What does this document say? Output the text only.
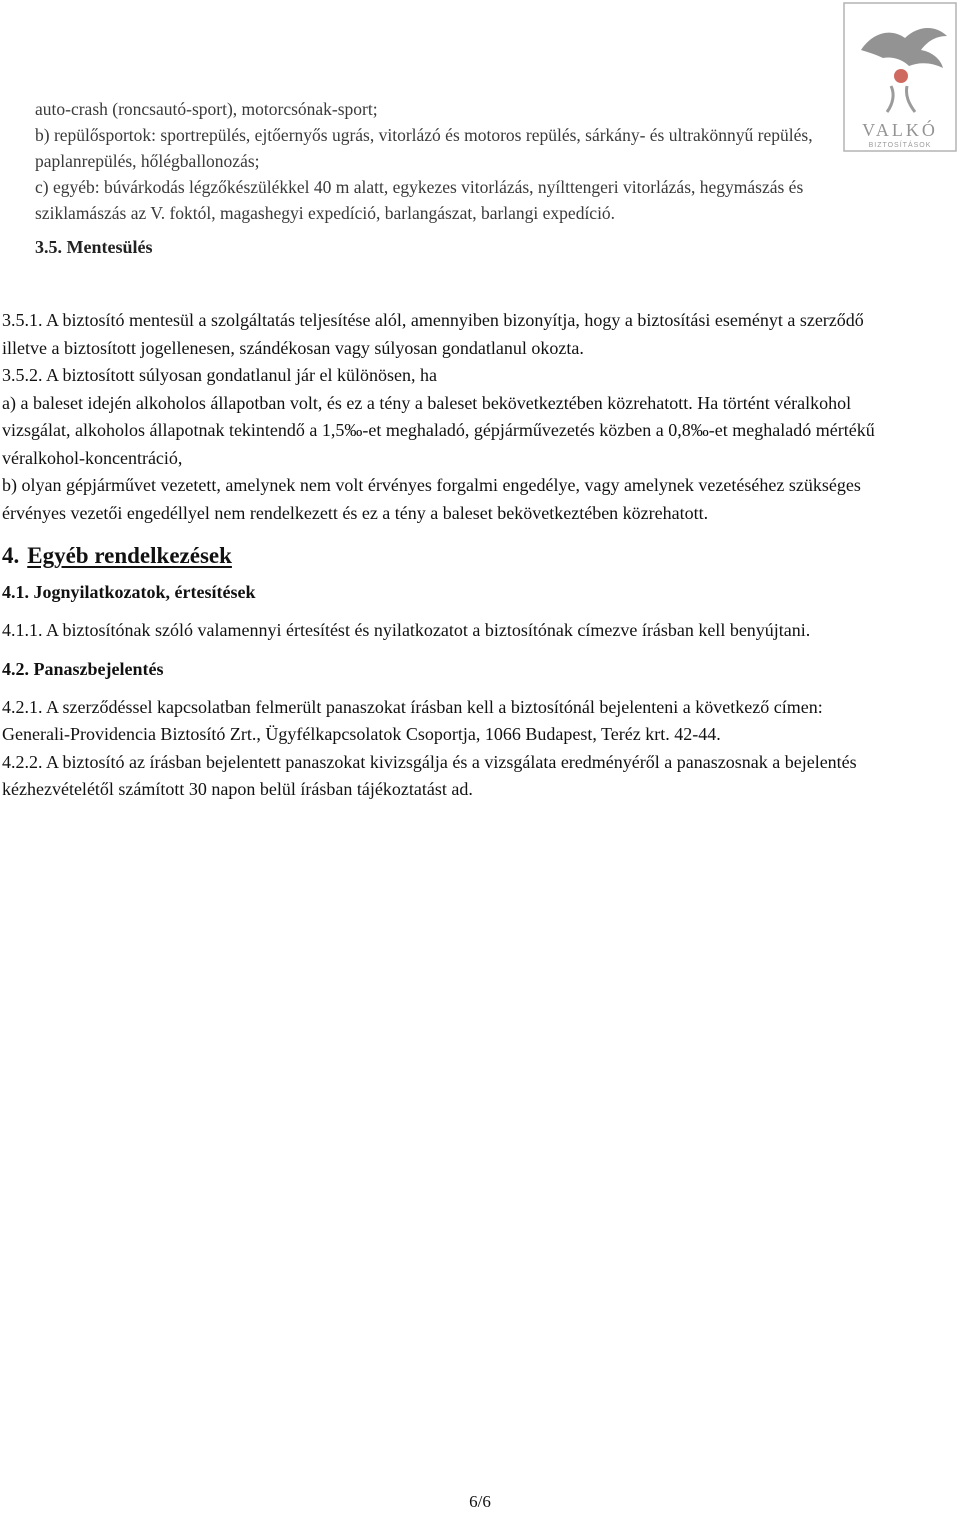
VALKÓ
BIZTOSÍTÁSOK

auto-crash (roncsautó-sport), motorcsónak-sport;

b) repülősportok: sportrepülés, ejtőernyős ugrás, vitorlázó és motoros repülés, sárkány- és ultrakönnyű repülés, paplanrepülés, hőlégballonozás;

c) egyéb: búvárkodás légzőkészülékkel 40 m alatt, egykezes vitorlázás, nyílttengeri vitorlázás, hegymászás és sziklamászás az V. foktól, magashegyi expedíció, barlangászat, barlangi expedíció.

3.5. Mentesülés

3.5.1. A biztosító mentesül a szolgáltatás teljesítése alól, amennyiben bizonyítja, hogy a biztosítási eseményt a szerződő illetve a biztosított jogellenesen, szándékosan vagy súlyosan gondatlanul okozta.

3.5.2. A biztosított súlyosan gondatlanul jár el különösen, ha

a) a baleset idején alkoholos állapotban volt, és ez a tény a baleset bekövetkeztében közrehatott. Ha történt véralkohol vizsgálat, alkoholos állapotnak tekintendő a 1,5‰-et meghaladó, gépjárművezetés közben a 0,8‰-et meghaladó mértékű véralkohol-koncentráció,

b) olyan gépjárművet vezetett, amelynek nem volt érvényes forgalmi engedélye, vagy amelynek vezetéséhez szükséges érvényes vezetői engedéllyel nem rendelkezett és ez a tény a baleset bekövetkeztében közrehatott.

4. Egyéb rendelkezések

4.1. Jognyilatkozatok, értesítések

4.1.1. A biztosítónak szóló valamennyi értesítést és nyilatkozatot a biztosítónak címezve írásban kell benyújtani.

4.2. Panaszbejelentés

4.2.1. A szerződéssel kapcsolatban felmerült panaszokat írásban kell a biztosítónál bejelenteni a következő címen: Generali-Providencia Biztosító Zrt., Ügyfélkapcsolatok Csoportja, 1066 Budapest, Teréz krt. 42-44.

4.2.2. A biztosító az írásban bejelentett panaszokat kivizsgálja és a vizsgálata eredményéről a panaszosnak a bejelentés kézhezvételétől számított 30 napon belül írásban tájékoztatást ad.

6/6
